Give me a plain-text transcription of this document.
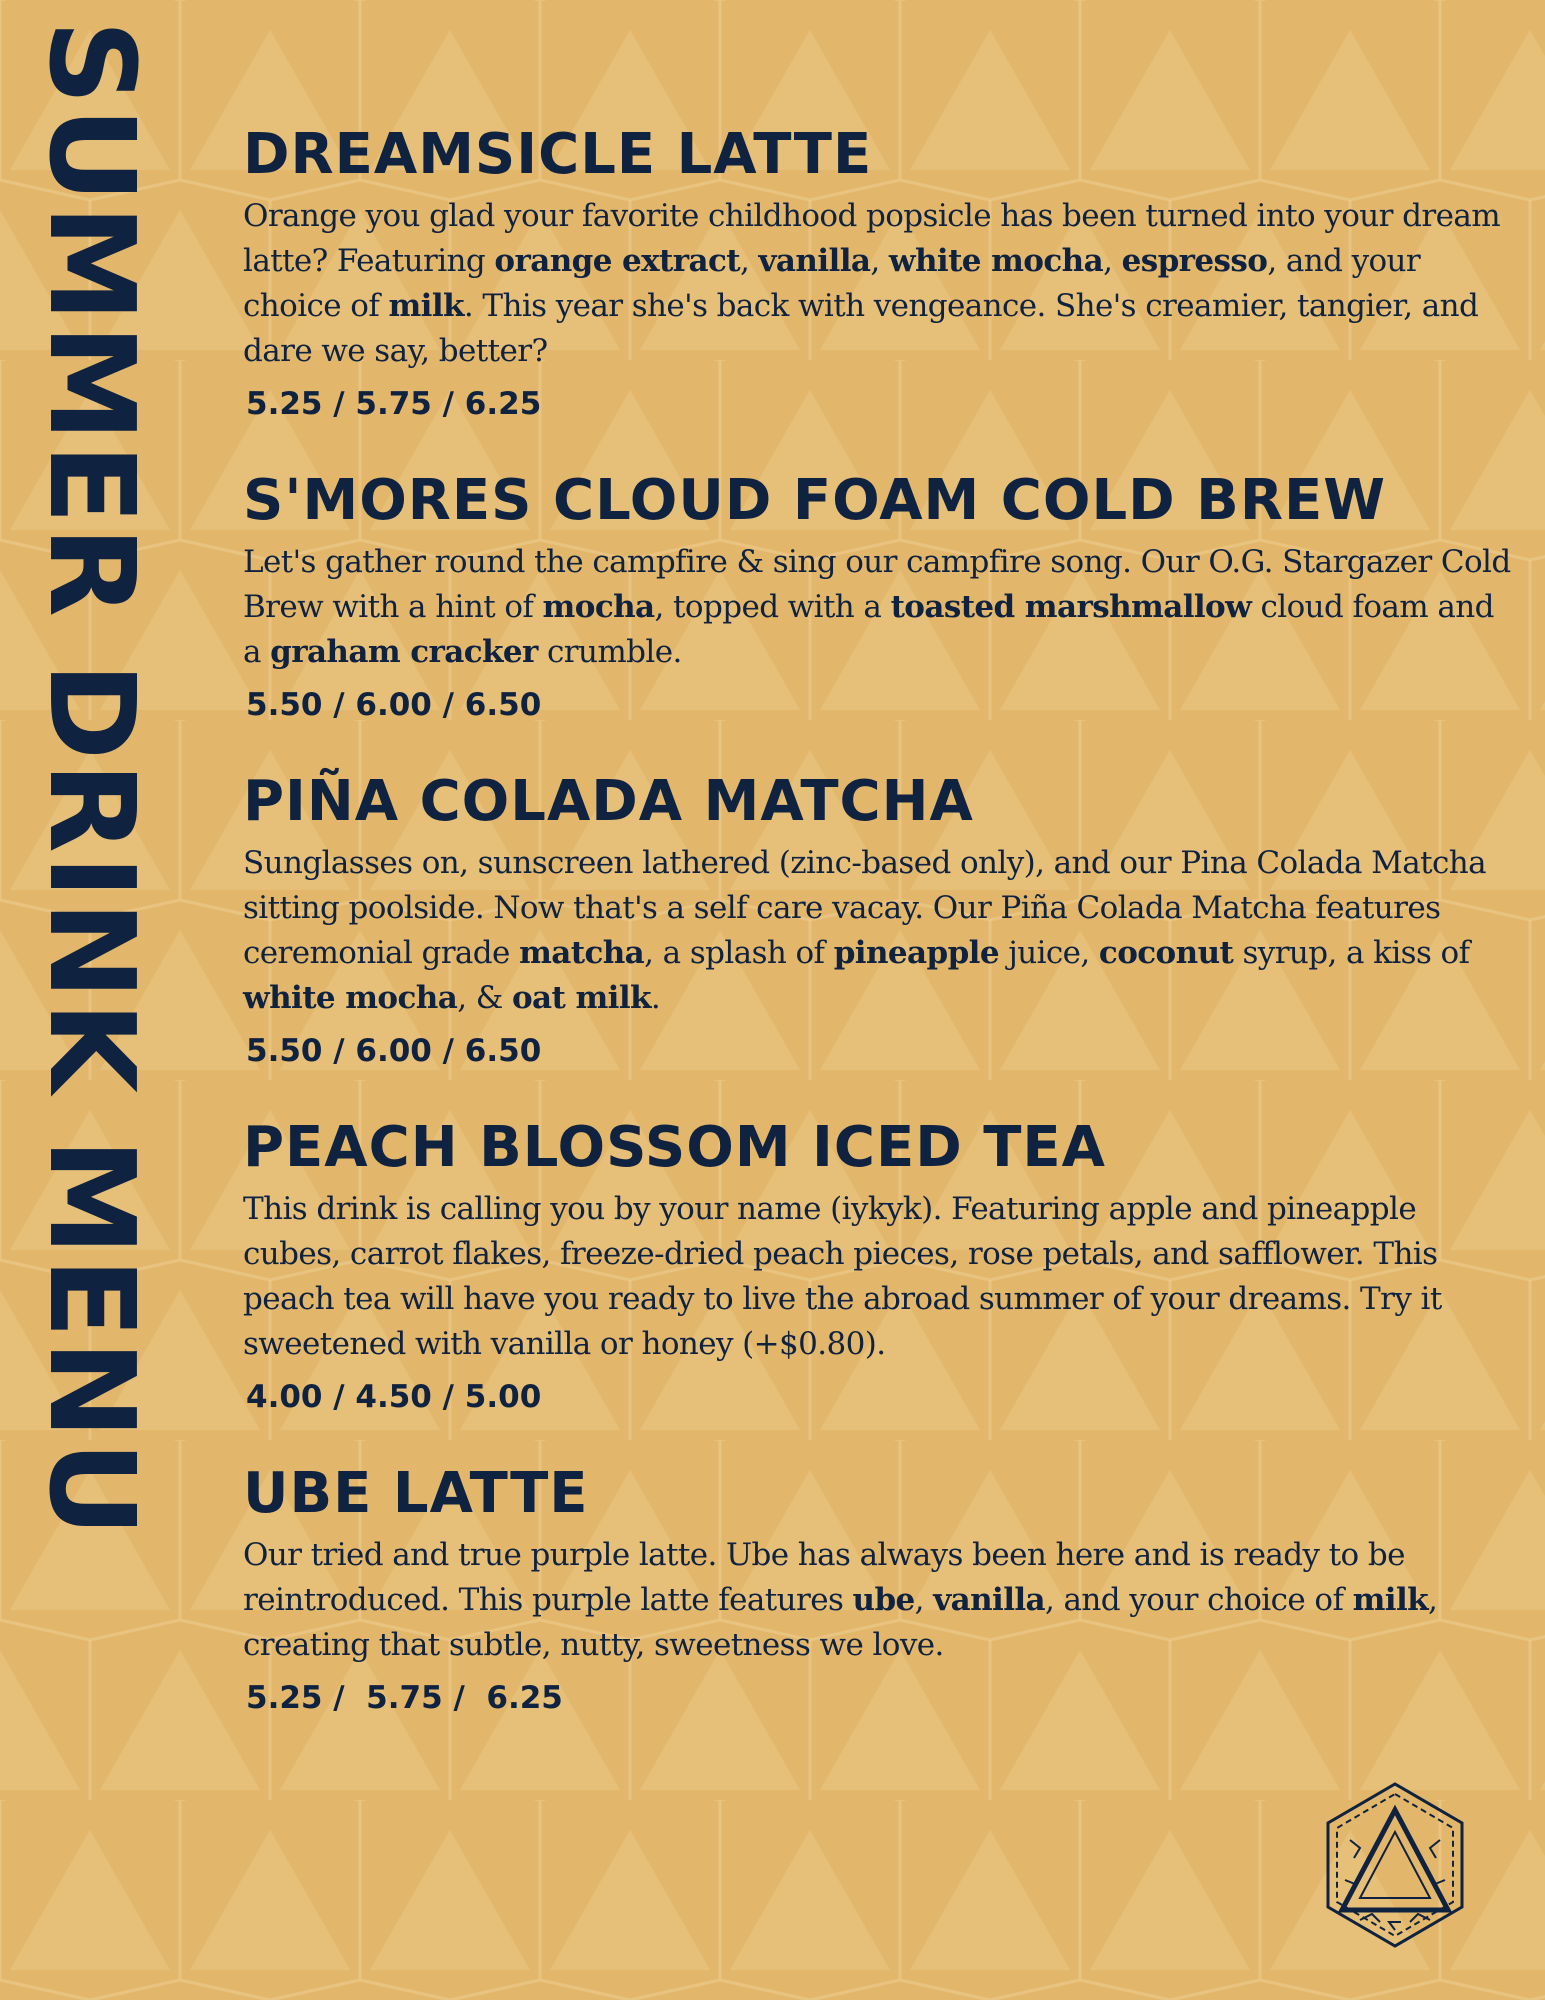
SUMMER DRINK MENU DREAMSICLE LATTE

Orange you glad your favorite childhood popsicle has been turned into your dream latte? Featuring orange extract, vanilla, white mocha, espresso, and your choice of milk. This year she's back with vengeance. She's creamier, tangier, and dare we say, better?

5.25 / 5.75 / 6.25
S'MORES CLOUD FOAM COLD BREW

Let's gather round the campfire & sing our campfire song. Our O.G. Stargazer Cold Brew with a hint of mocha, topped with a toasted marshmallow cloud foam and a graham cracker crumble.

5.50 / 6.00 / 6.50
PIÑA COLADA MATCHA

Sunglasses on, sunscreen lathered (zinc-based only), and our Pina Colada Matcha sitting poolside. Now that's a self care vacay. Our Piña Colada Matcha features ceremonial grade matcha, a splash of pineapple juice, coconut syrup, a kiss of white mocha, & oat milk.

5.50 / 6.00 / 6.50
PEACH BLOSSOM ICED TEA

This drink is calling you by your name (iykyk). Featuring apple and pineapple cubes, carrot flakes, freeze-dried peach pieces, rose petals, and safflower. This peach tea will have you ready to live the abroad summer of your dreams. Try it sweetened with vanilla or honey (+$0.80).

4.00 / 4.50 / 5.00
UBE LATTE

Our tried and true purple latte. Ube has always been here and is ready to be reintroduced. This purple latte features ube, vanilla, and your choice of milk, creating that subtle, nutty, sweetness we love.

5.25 /  5.75 /  6.25
